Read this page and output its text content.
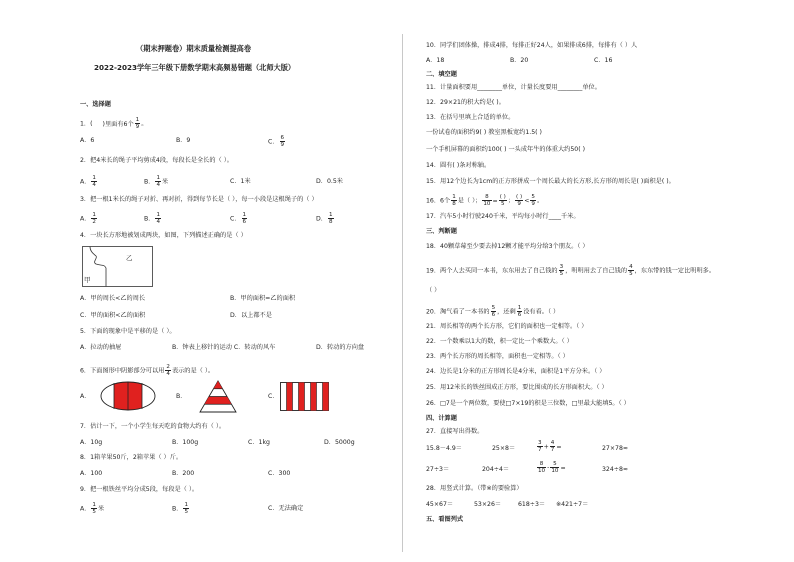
（期末押题卷）期末质量检测提高卷
2022-2023学年三年级下册数学期末高频易错题（北师大版）
一、选择题
1．( )里面有6个 $\frac{1}{9}$ 。
A．6	B．9	C． $\frac{6}{9}$
2．把4米长的绳子平均剪成4段，每段长是全长的（ ）。
A． $\frac{1}{4}$	B． $\frac{1}{4}$ 米	C．1米	D．0.5米
3．把一根1米长的绳子对折、再对折，得到每节长是（ ），每一小段是这根绳子的（ ）
A． $\frac{1}{2}$	B． $\frac{1}{4}$	C． $\frac{1}{6}$	D． $\frac{1}{8}$
4．一块长方形地被划成两块，如图，下列描述正确的是（ ）
乙
甲
A．甲的周长<乙的周长	B．甲的面积=乙的面积
C．甲的面积<乙的面积	D．以上都不是
5．下面的现象中是平移的是（ ）。
A．拉动的抽屉	B．钟表上移针的运动 C．转动的风车	D．转动的方向盘
6．下面图形中阴影部分可以用 $\frac{2}{4}$ 表示的是（ ）。
A．	B．	C．
7．估计一下，一个小学生每天吃的食物大约有（ ）。
A．10g	B．100g	C．1kg	D．5000g
8．1箱苹果50斤，2箱苹果（ ）斤。
A．100	B．200	C．300
9．把一根铁丝平均分成5段，每段是（ ）。
A． $\frac{1}{5}$ 米	B． $\frac{1}{5}$	C．无法确定
10．同学们团体操，排成4排，每排正好24人，如果排成6排，每排有（ ）人
A．18	B．20	C．16
二、填空题
11．计量面积要用________单位，计量长度要用________单位。
12．29×21的积大约是( )。
13．在括号里填上合适的单位。
一份试卷的面积约9( ) 教室黑板宽约1.5( )
一个手机屏幕的面积约100( ) 一头成年牛的体重大约50( )
14．圆有( )条对称轴。
15．用12个边长为1cm的正方形拼成一个周长最大的长方形,长方形的周长是( )面积是( )。
16．6个 $\frac{1}{8}$ 是（ ）； $\frac{8}{10} = \frac{( )}{5}$ ； $\frac{( )}{9} < \frac{5}{9}$ 。
17．汽车5小时行驶240千米，平均每小时行____千米。
三、判断题
18．40颗草莓至少要去掉12颗才能平均分给3个朋友。（ ）
19．两个人去买同一本书，东东用去了自己钱的 $\frac{3}{5}$ ，明明用去了自己钱的 $\frac{4}{5}$ ，东东带的钱一定比明明多。
（ ）
20．淘气看了一本书的 $\frac{5}{6}$ ，还剩 $\frac{1}{6}$ 没有看。（ ）
21．周长相等的两个长方形，它们的面积也一定相等。（ ）
22．一个数乘以1大的数，积一定比一个乘数大。（ ）
23．两个长方形的周长相等，面积也一定相等。（ ）
24．边长是1分米的正方形周长是4分米，面积是1平方分米。（ ）
25．用12米长的铁丝围成正方形，要比围成的长方形面积大。（ ）
26．□7是一个两位数，要使□7×19的积是三位数，□里最大能填5。（ ）
四、计算题
27．直接写出得数。
15.8－4.9＝	25×8＝	$\frac{3}{7} + \frac{4}{7}$ =	27×78≈
27÷3＝	204÷4＝	$\frac{8}{10} - \frac{5}{10}$ =	324÷8≈
28．用竖式计算。（带※的要验算）
45×67＝	53×26＝	618÷3＝ ※421÷7＝
五、看图列式
